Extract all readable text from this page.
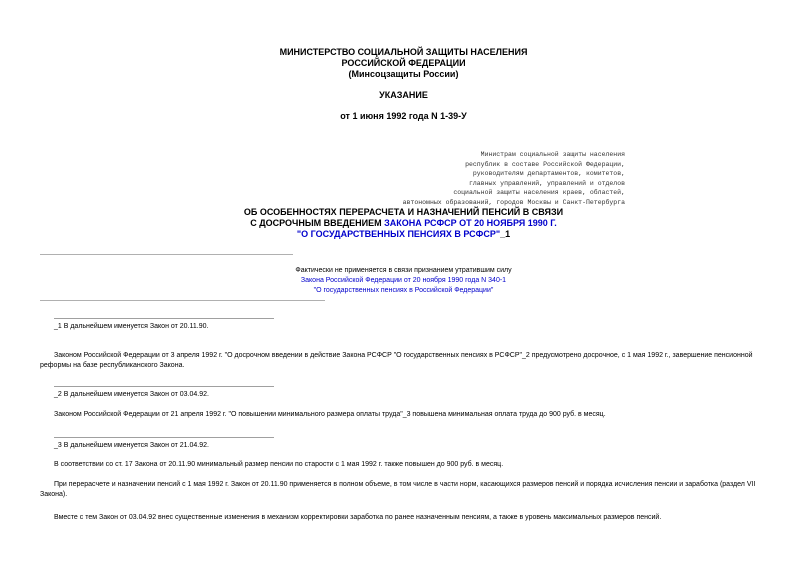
МИНИСТЕРСТВО СОЦИАЛЬНОЙ ЗАЩИТЫ НАСЕЛЕНИЯ
РОССИЙСКОЙ ФЕДЕРАЦИИ
(Минсоцзащиты России)
УКАЗАНИЕ
от 1 июня 1992 года N 1-39-У
Министрам социальной защиты населения
республик в составе Российской Федерации,
руководителям департаментов, комитетов,
главных управлений, управлений и отделов
социальной защиты населения краев, областей,
автономных образований, городов Москвы и Санкт-Петербурга
ОБ ОСОБЕННОСТЯХ ПЕРЕРАСЧЕТА И НАЗНАЧЕНИЙ ПЕНСИЙ В СВЯЗИ
С ДОСРОЧНЫМ ВВЕДЕНИЕМ ЗАКОНА РСФСР ОТ 20 НОЯБРЯ 1990 Г.
"О ГОСУДАРСТВЕННЫХ ПЕНСИЯХ В РСФСР"_1
Фактически не применяется в связи признанием утратившим силу
Закона Российской Федерации от 20 ноября 1990 года N 340-1
"О государственных пенсиях в Российской Федерации"
_1 В дальнейшем именуется Закон от 20.11.90.
Законом Российской Федерации от 3 апреля 1992 г. "О досрочном введении в действие Закона РСФСР "О государственных пенсиях в РСФСР"_2 предусмотрено досрочное, с 1 мая 1992 г., завершение пенсионной реформы на базе республиканского Закона.
_2 В дальнейшем именуется Закон от 03.04.92.
Законом Российской Федерации от 21 апреля 1992 г. "О повышении минимального размера оплаты труда"_3 повышена минимальная оплата труда до 900 руб. в месяц.
_3 В дальнейшем именуется Закон от 21.04.92.
В соответствии со ст. 17 Закона от 20.11.90 минимальный размер пенсии по старости с 1 мая 1992 г. также повышен до 900 руб. в месяц.
При перерасчете и назначении пенсий с 1 мая 1992 г. Закон от 20.11.90 применяется в полном объеме, в том числе в части норм, касающихся размеров пенсий и порядка исчисления пенсии и заработка (раздел VII Закона).
Вместе с тем Закон от 03.04.92 внес существенные изменения в механизм корректировки заработка по ранее назначенным пенсиям, а также в уровень максимальных размеров пенсий.
